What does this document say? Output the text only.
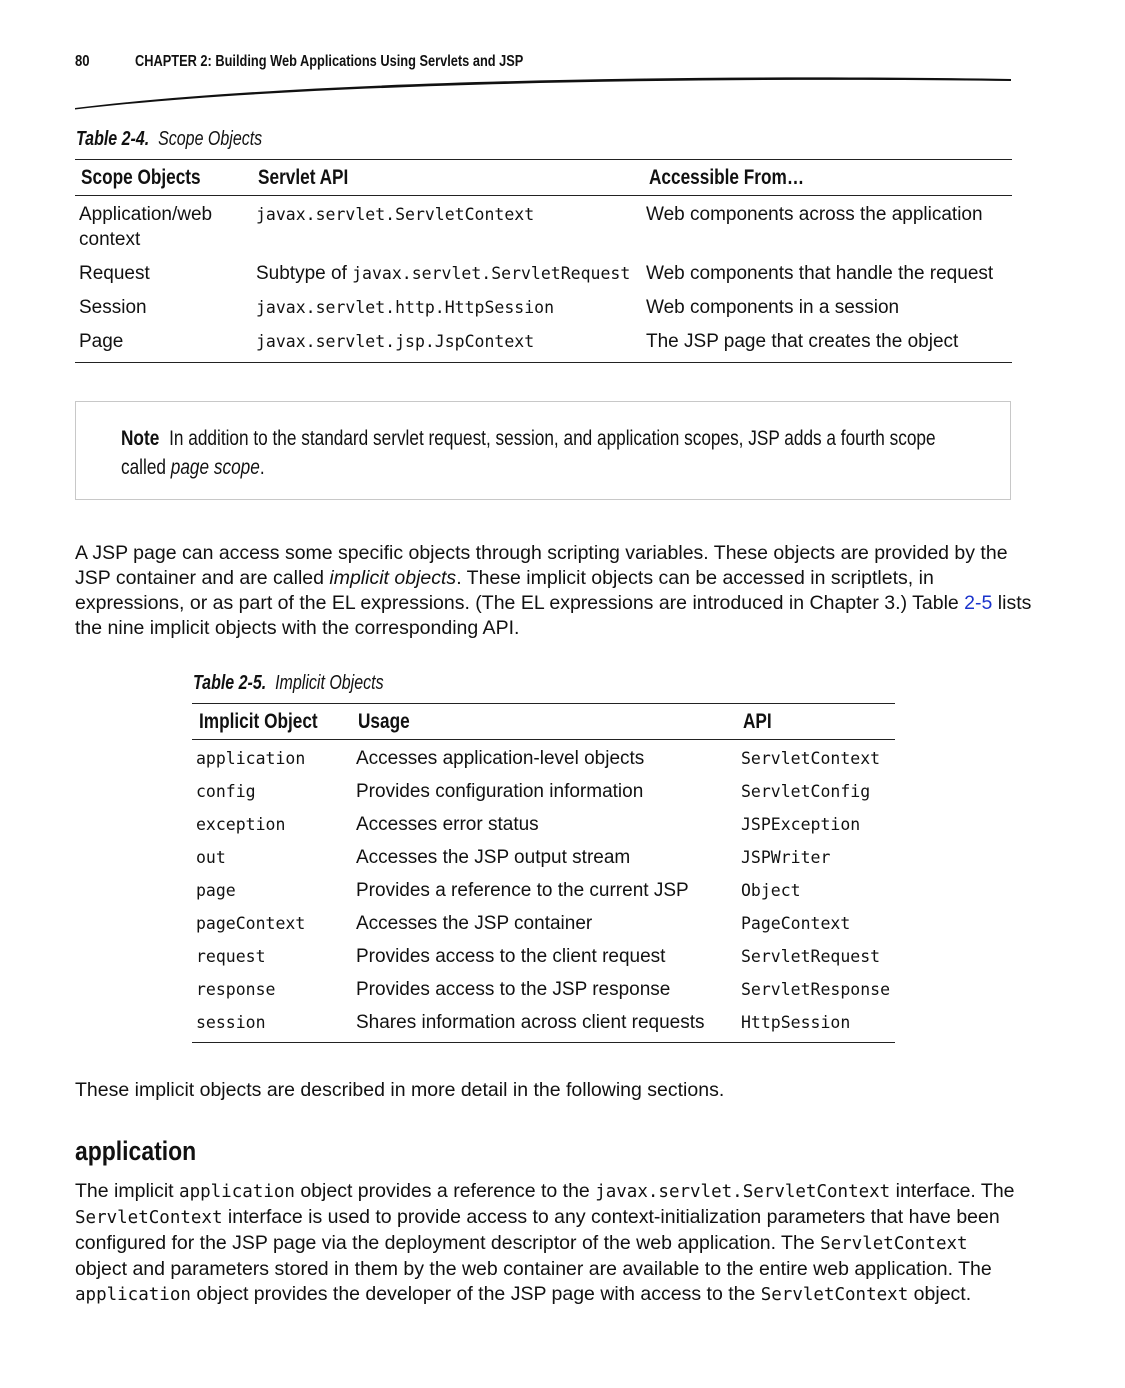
80	CHAPTER 2: Building Web Applications Using Servlets and JSP
Table 2-4. Scope Objects
Scope Objects	Servlet API	Accessible From…
Application/web context	javax.servlet.ServletContext	Web components across the application
Request	Subtype of javax.servlet.ServletRequest	Web components that handle the request
Session	javax.servlet.http.HttpSession	Web components in a session
Page	javax.servlet.jsp.JspContext	The JSP page that creates the object
Note In addition to the standard servlet request, session, and application scopes, JSP adds a fourth scope
called page scope.
A JSP page can access some specific objects through scripting variables. These objects are provided by the JSP container and are called implicit objects. These implicit objects can be accessed in scriptlets, in expressions, or as part of the EL expressions. (The EL expressions are introduced in Chapter 3.) Table 2-5 lists the nine implicit objects with the corresponding API.
Table 2-5. Implicit Objects
Implicit Object	Usage	API
application	Accesses application-level objects	ServletContext
config	Provides configuration information	ServletConfig
exception	Accesses error status	JSPException
out	Accesses the JSP output stream	JSPWriter
page	Provides a reference to the current JSP	Object
pageContext	Accesses the JSP container	PageContext
request	Provides access to the client request	ServletRequest
response	Provides access to the JSP response	ServletResponse
session	Shares information across client requests	HttpSession
These implicit objects are described in more detail in the following sections.
application
The implicit application object provides a reference to the javax.servlet.ServletContext interface. The ServletContext interface is used to provide access to any context-initialization parameters that have been configured for the JSP page via the deployment descriptor of the web application. The ServletContext object and parameters stored in them by the web container are available to the entire web application. The application object provides the developer of the JSP page with access to the ServletContext object.
